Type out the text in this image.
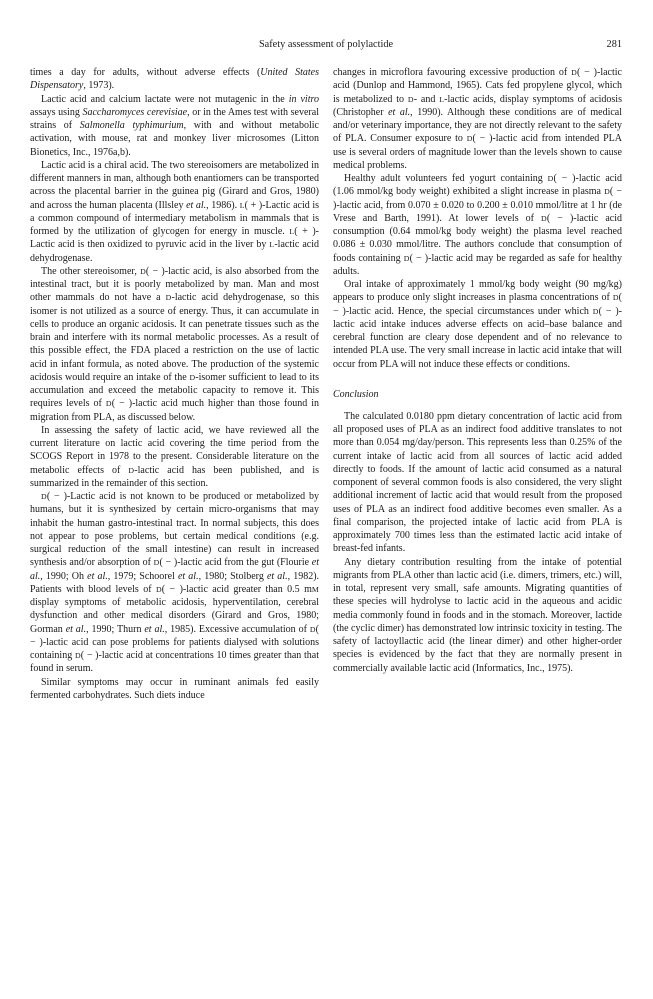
Safety assessment of polylactide	281

times a day for adults, without adverse effects (United States Dispensatory, 1973).

Lactic acid and calcium lactate were not mutagenic in the in vitro assays using Saccharomyces cerevisiae, or in the Ames test with several strains of Salmonella typhimurium, with and without metabolic activation, with mouse, rat and monkey liver microsomes (Litton Bionetics, Inc., 1976a,b).

Lactic acid is a chiral acid. The two stereoisomers are metabolized in different manners in man, although both enantiomers can be transported across the placental barrier in the guinea pig (Girard and Gros, 1980) and across the human placenta (Illsley et al., 1986). L( + )-Lactic acid is a common compound of intermediary metabolism in mammals that is formed by the utilization of glycogen for energy in muscle. L( + )-Lactic acid is then oxidized to pyruvic acid in the liver by L-lactic acid dehydrogenase.

The other stereoisomer, D( − )-lactic acid, is also absorbed from the intestinal tract, but it is poorly metabolized by man. Man and most other mammals do not have a D-lactic acid dehydrogenase, so this isomer is not utilized as a source of energy. Thus, it can accumulate in cells to produce an organic acidosis. It can penetrate tissues such as the brain and interfere with its normal metabolic processes. As a result of this possible effect, the FDA placed a restriction on the use of lactic acid in infant formula, as noted above. The production of the systemic acidosis would require an intake of the D-isomer sufficient to lead to its accumulation and exceed the metabolic capacity to remove it. This requires levels of D( − )-lactic acid much higher than those found in migration from PLA, as discussed below.

In assessing the safety of lactic acid, we have reviewed all the current literature on lactic acid covering the time period from the SCOGS Report in 1978 to the present. Considerable literature on the metabolic effects of D-lactic acid has been published, and is summarized in the remainder of this section.

D( − )-Lactic acid is not known to be produced or metabolized by humans, but it is synthesized by certain micro-organisms that may inhabit the human gastro-intestinal tract. In normal subjects, this does not appear to pose problems, but certain medical conditions (e.g. surgical reduction of the small intestine) can result in increased synthesis and/or absorption of D( − )-lactic acid from the gut (Flourie et al., 1990; Oh et al., 1979; Schoorel et al., 1980; Stolberg et al., 1982). Patients with blood levels of D( − )-lactic acid greater than 0.5 mM display symptoms of metabolic acidosis, hyperventilation, cerebral dysfunction and other medical disorders (Girard and Gros, 1980; Gorman et al., 1990; Thurn et al., 1985). Excessive accumulation of D( − )-lactic acid can pose problems for patients dialysed with solutions containing D( − )-lactic acid at concentrations 10 times greater than that found in serum.

Similar symptoms may occur in ruminant animals fed easily fermented carbohydrates. Such diets induce

changes in microflora favouring excessive production of D( − )-lactic acid (Dunlop and Hammond, 1965). Cats fed propylene glycol, which is metabolized to D- and L-lactic acids, display symptoms of acidosis (Christopher et al., 1990). Although these conditions are of medical and/or veterinary importance, they are not directly relevant to the safety of PLA. Consumer exposure to D( − )-lactic acid from intended PLA use is several orders of magnitude lower than the levels shown to cause medical problems.

Healthy adult volunteers fed yogurt containing D( − )-lactic acid (1.06 mmol/kg body weight) exhibited a slight increase in plasma D( − )-lactic acid, from 0.070 ± 0.020 to 0.200 ± 0.010 mmol/litre at 1 hr (de Vrese and Barth, 1991). At lower levels of D( − )-lactic acid consumption (0.64 mmol/kg body weight) the plasma level reached 0.086 ± 0.030 mmol/litre. The authors conclude that consumption of foods containing D( − )-lactic acid may be regarded as safe for healthy adults.

Oral intake of approximately 1 mmol/kg body weight (90 mg/kg) appears to produce only slight increases in plasma concentrations of D( − )-lactic acid. Hence, the special circumstances under which D( − )-lactic acid intake induces adverse effects on acid–base balance and cerebral function are cleary dose dependent and of no relevance to intended PLA use. The very small increase in lactic acid intake that will occur from PLA will not induce these effects or conditions.

Conclusion

The calculated 0.0180 ppm dietary concentration of lactic acid from all proposed uses of PLA as an indirect food additive translates to not more than 0.054 mg/day/person. This represents less than 0.25% of the current intake of lactic acid from all sources of lactic acid added directly to foods. If the amount of lactic acid consumed as a natural component of several common foods is also considered, the very slight additional increment of lactic acid that would result from the proposed uses of PLA as an indirect food additive becomes even smaller. As a final comparison, the projected intake of lactic acid from PLA is approximately 700 times less than the estimated lactic acid intake of breast-fed infants.

Any dietary contribution resulting from the intake of potential migrants from PLA other than lactic acid (i.e. dimers, trimers, etc.) will, in total, represent very small, safe amounts. Migrating quantities of these species will hydrolyse to lactic acid in the aqueous and acidic media commonly found in foods and in the stomach. Moreover, lactide (the cyclic dimer) has demonstrated low intrinsic toxicity in testing. The safety of lactoyllactic acid (the linear dimer) and other higher-order species is evidenced by the fact that they are normally present in commercially available lactic acid (Informatics, Inc., 1975).
